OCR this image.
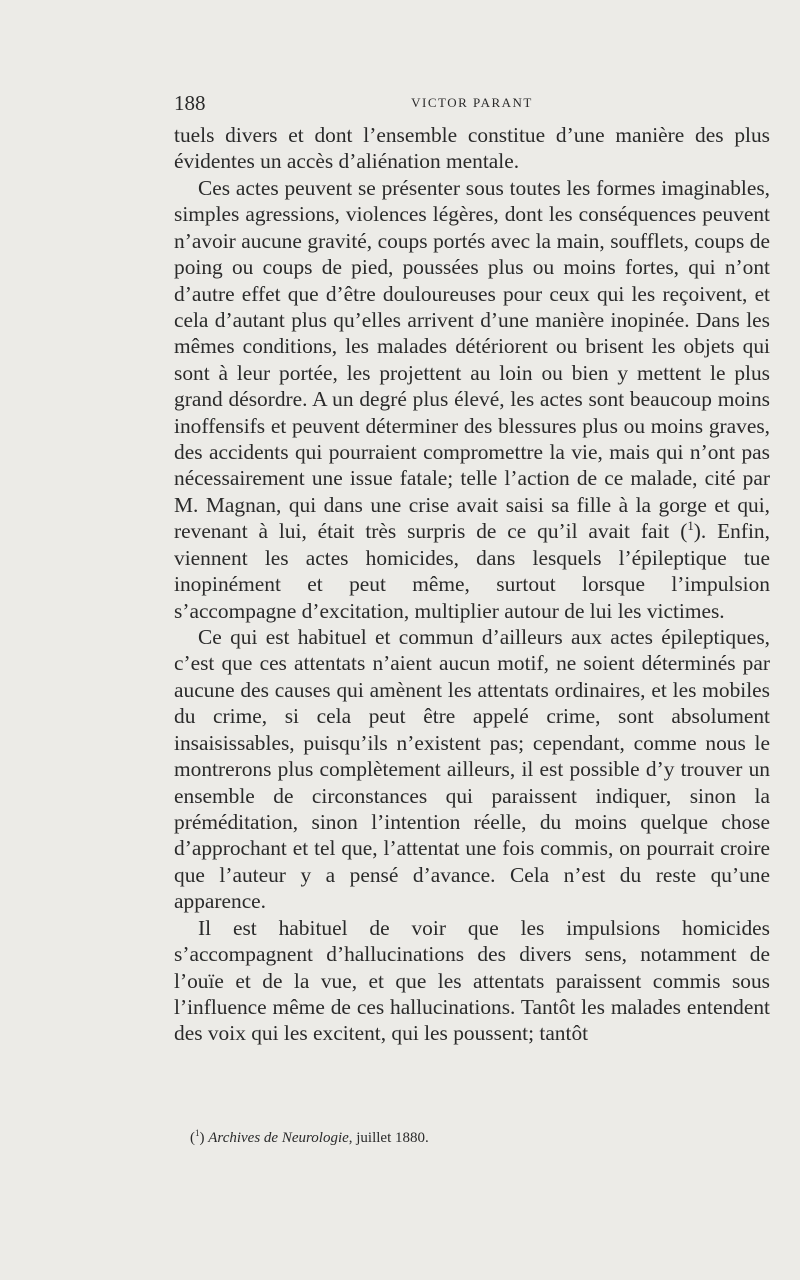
188	VICTOR PARANT

tuels divers et dont l’ensemble constitue d’une manière des plus évidentes un accès d’aliénation mentale.

Ces actes peuvent se présenter sous toutes les formes imaginables, simples agressions, violences légères, dont les conséquences peuvent n’avoir aucune gravité, coups portés avec la main, soufflets, coups de poing ou coups de pied, poussées plus ou moins fortes, qui n’ont d’autre effet que d’être douloureuses pour ceux qui les reçoivent, et cela d’autant plus qu’elles arrivent d’une manière inopinée. Dans les mêmes conditions, les malades détériorent ou brisent les objets qui sont à leur portée, les projettent au loin ou bien y mettent le plus grand désordre. A un degré plus élevé, les actes sont beaucoup moins inoffensifs et peuvent déterminer des blessures plus ou moins graves, des accidents qui pourraient compromettre la vie, mais qui n’ont pas nécessairement une issue fatale; telle l’action de ce malade, cité par M. Magnan, qui dans une crise avait saisi sa fille à la gorge et qui, revenant à lui, était très surpris de ce qu’il avait fait ($^1$). Enfin, viennent les actes homicides, dans lesquels l’épileptique tue inopinément et peut même, surtout lorsque l’impulsion s’accompagne d’excitation, multiplier autour de lui les victimes.

Ce qui est habituel et commun d’ailleurs aux actes épileptiques, c’est que ces attentats n’aient aucun motif, ne soient déterminés par aucune des causes qui amènent les attentats ordinaires, et les mobiles du crime, si cela peut être appelé crime, sont absolument insaisissables, puisqu’ils n’existent pas; cependant, comme nous le montrerons plus complètement ailleurs, il est possible d’y trouver un ensemble de circonstances qui paraissent indiquer, sinon la préméditation, sinon l’intention réelle, du moins quelque chose d’approchant et tel que, l’attentat une fois commis, on pourrait croire que l’auteur y a pensé d’avance. Cela n’est du reste qu’une apparence.

Il est habituel de voir que les impulsions homicides s’accompagnent d’hallucinations des divers sens, notamment de l’ouïe et de la vue, et que les attentats paraissent commis sous l’influence même de ces hallucinations. Tantôt les malades entendent des voix qui les excitent, qui les poussent; tantôt

($^1$) Archives de Neurologie, juillet 1880.
